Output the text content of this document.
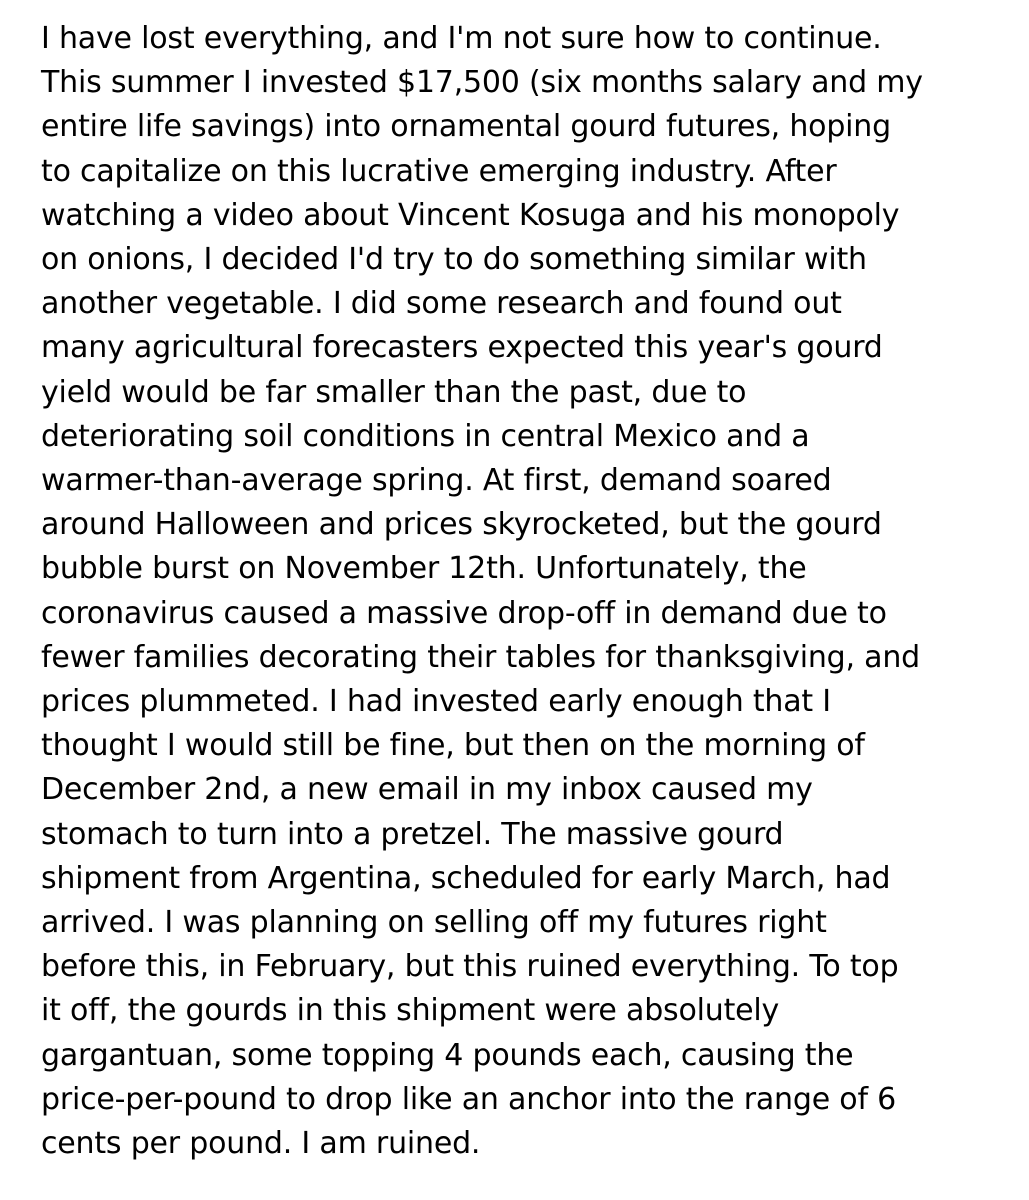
I have lost everything, and I'm not sure how to continue.
This summer I invested $17,500 (six months salary and my
entire life savings) into ornamental gourd futures, hoping
to capitalize on this lucrative emerging industry. After
watching a video about Vincent Kosuga and his monopoly
on onions, I decided I'd try to do something similar with
another vegetable. I did some research and found out
many agricultural forecasters expected this year's gourd
yield would be far smaller than the past, due to
deteriorating soil conditions in central Mexico and a
warmer-than-average spring. At first, demand soared
around Halloween and prices skyrocketed, but the gourd
bubble burst on November 12th. Unfortunately, the
coronavirus caused a massive drop-off in demand due to
fewer families decorating their tables for thanksgiving, and
prices plummeted. I had invested early enough that I
thought I would still be fine, but then on the morning of
December 2nd, a new email in my inbox caused my
stomach to turn into a pretzel. The massive gourd
shipment from Argentina, scheduled for early March, had
arrived. I was planning on selling off my futures right
before this, in February, but this ruined everything. To top
it off, the gourds in this shipment were absolutely
gargantuan, some topping 4 pounds each, causing the
price-per-pound to drop like an anchor into the range of 6
cents per pound. I am ruined.
